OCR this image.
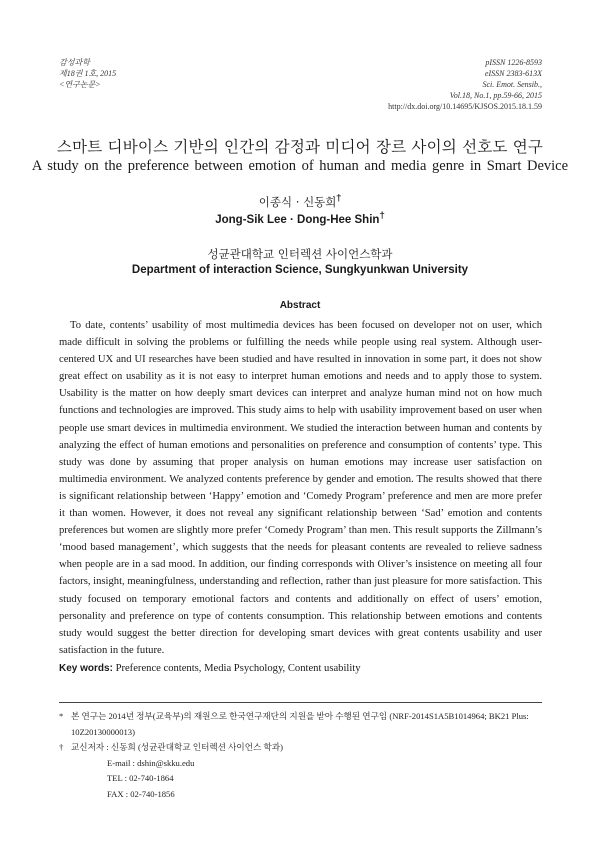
감성과학
제18권 1호, 2015
<연구논문>
pISSN 1226-8593
eISSN 2383-613X
Sci. Emot. Sensib.,
Vol.18, No.1, pp.59-66, 2015
http://dx.doi.org/10.14695/KJSOS.2015.18.1.59
스마트 디바이스 기반의 인간의 감정과 미디어 장르 사이의 선호도 연구
A study on the preference between emotion of human and media genre in Smart Device
이종식 · 신동희†
Jong-Sik Lee · Dong-Hee Shin†
성균관대학교 인터렉션 사이언스학과
Department of interaction Science, Sungkyunkwan University
Abstract

To date, contents’ usability of most multimedia devices has been focused on developer not on user, which made difficult in solving the problems or fulfilling the needs while people using real system. Although user-centered UX and UI researches have been studied and have resulted in innovation in some part, it does not show great effect on usability as it is not easy to interpret human emotions and needs and to apply those to system. Usability is the matter on how deeply smart devices can interpret and analyze human mind not on how much functions and technologies are improved. This study aims to help with usability improvement based on user when people use smart devices in multimedia environment. We studied the interaction between human and contents by analyzing the effect of human emotions and personalities on preference and consumption of contents’ type. This study was done by assuming that proper analysis on human emotions may increase user satisfaction on multimedia environment. We analyzed contents preference by gender and emotion. The results showed that there is significant relationship between ‘Happy’ emotion and ‘Comedy Program’ preference and men are more prefer it than women. However, it does not reveal any significant relationship between ‘Sad’ emotion and contents preferences but women are slightly more prefer ‘Comedy Program’ than men. This result supports the Zillmann’s ‘mood based management’, which suggests that the needs for pleasant contents are revealed to relieve sadness when people are in a sad mood. In addition, our finding corresponds with Oliver’s insistence on meeting all four factors, insight, meaningfulness, understanding and reflection, rather than just pleasure for more satisfaction. This study focused on temporary emotional factors and contents and additionally on effect of users’ emotion, personality and preference on type of contents consumption. This relationship between emotions and contents study would suggest the better direction for developing smart devices with great contents usability and user satisfaction in the future.

Key words: Preference contents, Media Psychology, Content usability
* 본 연구는 2014년 정부(교육부)의 재원으로 한국연구재단의 지원을 받아 수행된 연구임 (NRF-2014S1A5B1014964; BK21 Plus: 10Z20130000013)
† 교신저자 : 신동희 (성균관대학교 인터렉션 사이언스 학과)
E-mail : dshin@skku.edu
TEL : 02-740-1864
FAX : 02-740-1856
